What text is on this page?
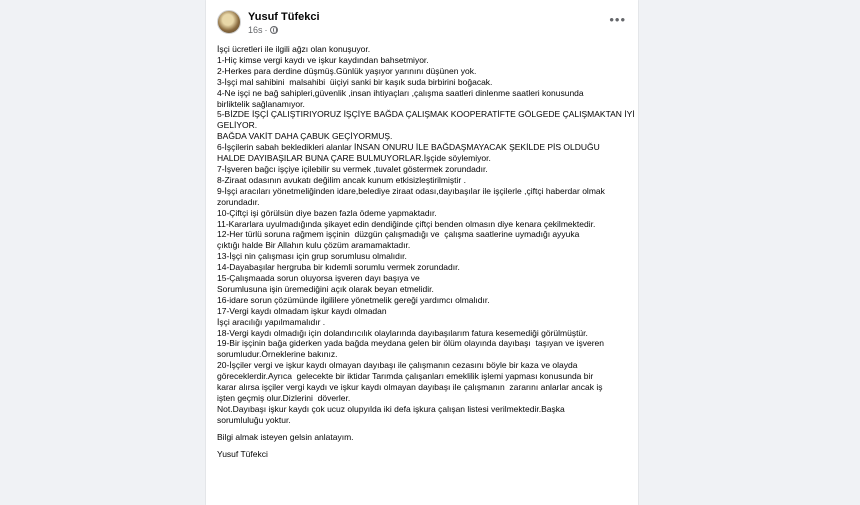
Yusuf Tüfekci
16s ·
•••
İşçi ücretleri ile ilgili ağzı olan konuşuyor.
1-Hiç kimse vergi kaydı ve işkur kaydından bahsetmiyor.
2-Herkes para derdine düşmüş.Günlük yaşıyor yarınını düşünen yok.
3-İşçi mal sahibini  malsahibi  üiçiyi sanki bir kaşık suda birbirini boğacak.
4-Ne işçi ne bağ sahipleri,güvenlik ,insan ihtiyaçları ,çalışma saatleri dinlenme saatleri konusunda
birliktelik sağlanamıyor.
5-BİZDE İŞÇİ ÇALIŞTIRIYORUZ İŞÇİYE BAĞDA ÇALIŞMAK KOOPERATİFTE GÖLGEDE ÇALIŞMAKTAN İYİ
GELİYOR.
BAĞDA VAKİT DAHA ÇABUK GEÇİYORMUŞ.
6-İşçilerin sabah bekledikleri alanlar İNSAN ONURU İLE BAĞDAŞMAYACAK ŞEKİLDE PİS OLDUĞU
HALDE DAYIBAŞILAR BUNA ÇARE BULMUYORLAR.İşçide söylemiyor.
7-İşveren bağcı işçiye içilebilir su vermek ,tuvalet göstermek zorundadır.
8-Ziraat odasının avukatı değilim ancak kunum etkisizleştirilmiştir .
9-İşçi aracıları yönetmeliğinden idare,belediye ziraat odası,dayıbaşılar ile işçilerle ,çiftçi haberdar olmak
zorundadır.
10-Çiftçi işi görülsün diye bazen fazla ödeme yapmaktadır.
11-Kararlara uyulmadığında şikayet edin dendiğinde çiftçi benden olmasın diye kenara çekilmektedir.
12-Her türlü soruna rağmem işçinin  düzgün çalışmadığı ve  çalışma saatlerine uymadığı ayyuka
çıktığı halde Bir Allahın kulu çözüm aramamaktadır.
13-İşçi nin çalışması için grup sorumlusu olmalıdır.
14-Dayabaşılar hergruba bir kıdemli sorumlu vermek zorundadır.
15-Çalışmaada sorun oluyorsa işveren dayı başıya ve
Sorumlusuna işin üremediğini açık olarak beyan etmelidir.
16-idare sorun çözümünde ilgililere yönetmelik gereği yardımcı olmalıdır.
17-Vergi kaydı olmadam işkur kaydı olmadan
İşçi aracılığı yapılmamalıdır .
18-Vergi kaydı olmadığı için dolandırıcılık olaylarında dayıbaşılarım fatura kesemediği görülmüştür.
19-Bir işçinin bağa giderken yada bağda meydana gelen bir ölüm olayında dayıbaşı  taşıyan ve işveren
sorumludur.Örneklerine bakınız.
20-İşçiler vergi ve işkur kaydı olmayan dayıbaşı ile çalışmanın cezasını böyle bir kaza ve olayda
göreceklerdir.Ayrıca  gelecekte bir iktidar Tarımda çalışanları emeklilik işlemi yapması konusunda bir
karar alırsa işçiler vergi kaydı ve işkur kaydı olmayan dayıbaşı ile çalışmanın  zararını anlarlar ancak iş
işten geçmiş olur.Dizlerini  döverler.
Not.Dayıbaşı işkur kaydı çok ucuz olupyılda iki defa işkura çalışan listesi verilmektedir.Başka
sorumluluğu yoktur.
Bilgi almak isteyen gelsin anlatayım.
Yusuf Tüfekci
